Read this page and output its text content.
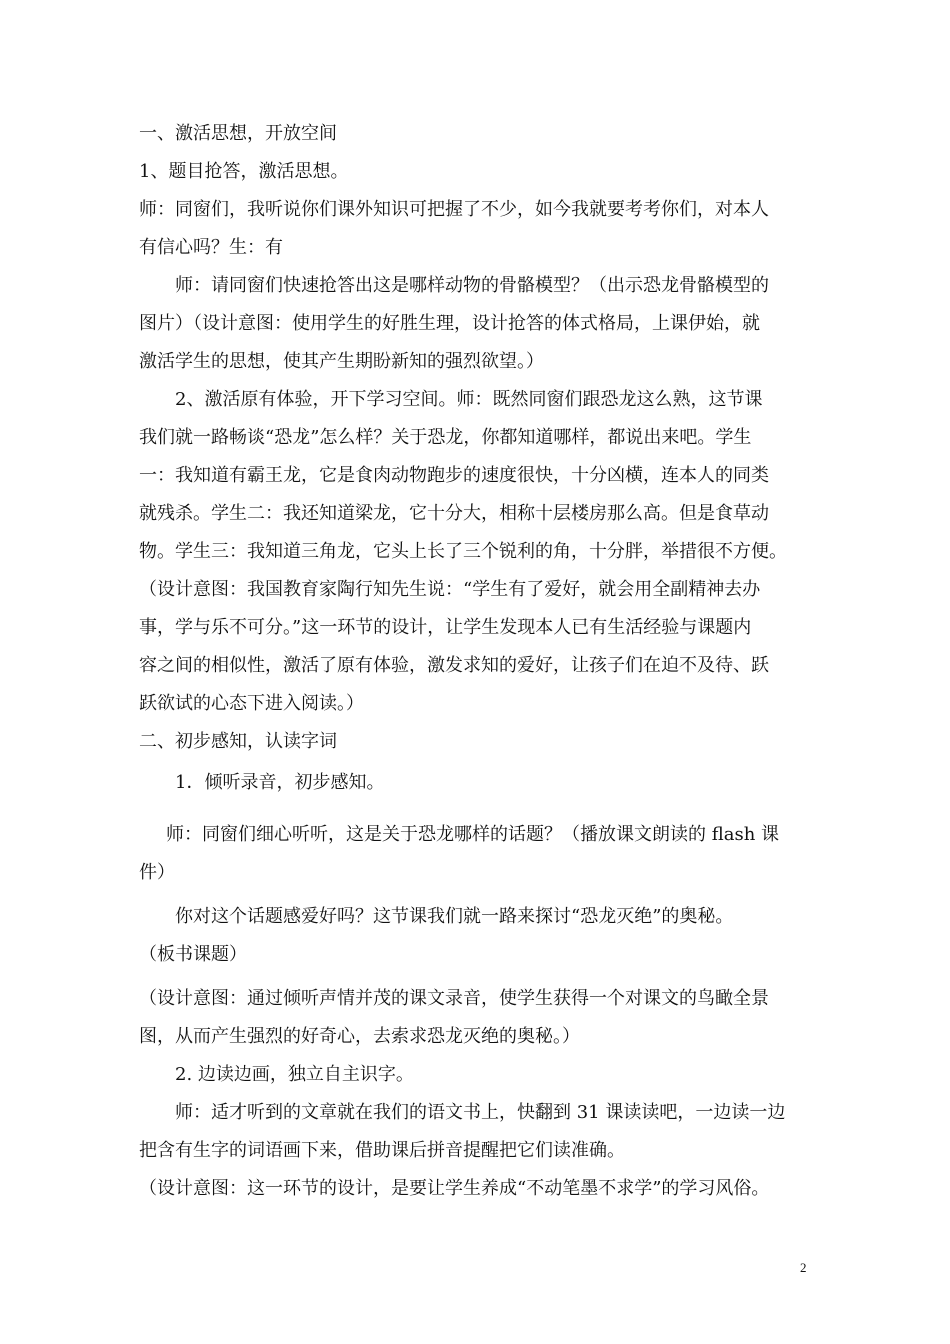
一、激活思想，开放空间
1、题目抢答，激活思想。
师：同窗们，我听说你们课外知识可把握了不少，如今我就要考考你们，对本人
有信心吗？生：有
师：请同窗们快速抢答出这是哪样动物的骨骼模型？（出示恐龙骨骼模型的
图片）（设计意图：使用学生的好胜生理，设计抢答的体式格局，上课伊始，就
激活学生的思想，使其产生期盼新知的强烈欲望。）
2、激活原有体验，开下学习空间。师：既然同窗们跟恐龙这么熟，这节课
我们就一路畅谈“恐龙”怎么样？关于恐龙，你都知道哪样，都说出来吧。学生
一：我知道有霸王龙，它是食肉动物跑步的速度很快，十分凶横，连本人的同类
就残杀。学生二：我还知道梁龙，它十分大，相称十层楼房那么高。但是食草动
物。学生三：我知道三角龙，它头上长了三个锐利的角，十分胖，举措很不方便。
（设计意图：我国教育家陶行知先生说：“学生有了爱好，就会用全副精神去办
事，学与乐不可分。”这一环节的设计，让学生发现本人已有生活经验与课题内
容之间的相似性，激活了原有体验，激发求知的爱好，让孩子们在迫不及待、跃
跃欲试的心态下进入阅读。）
二、初步感知，认读字词
1．倾听录音，初步感知。
师：同窗们细心听听，这是关于恐龙哪样的话题？（播放课文朗读的 flash 课
件）
你对这个话题感爱好吗？这节课我们就一路来探讨“恐龙灭绝”的奥秘。
（板书课题）
（设计意图：通过倾听声情并茂的课文录音，使学生获得一个对课文的鸟瞰全景
图，从而产生强烈的好奇心，去索求恐龙灭绝的奥秘。）
2. 边读边画，独立自主识字。
师：适才听到的文章就在我们的语文书上，快翻到 31 课读读吧，一边读一边
把含有生字的词语画下来，借助课后拼音提醒把它们读准确。
（设计意图：这一环节的设计，是要让学生养成“不动笔墨不求学”的学习风俗。
2
